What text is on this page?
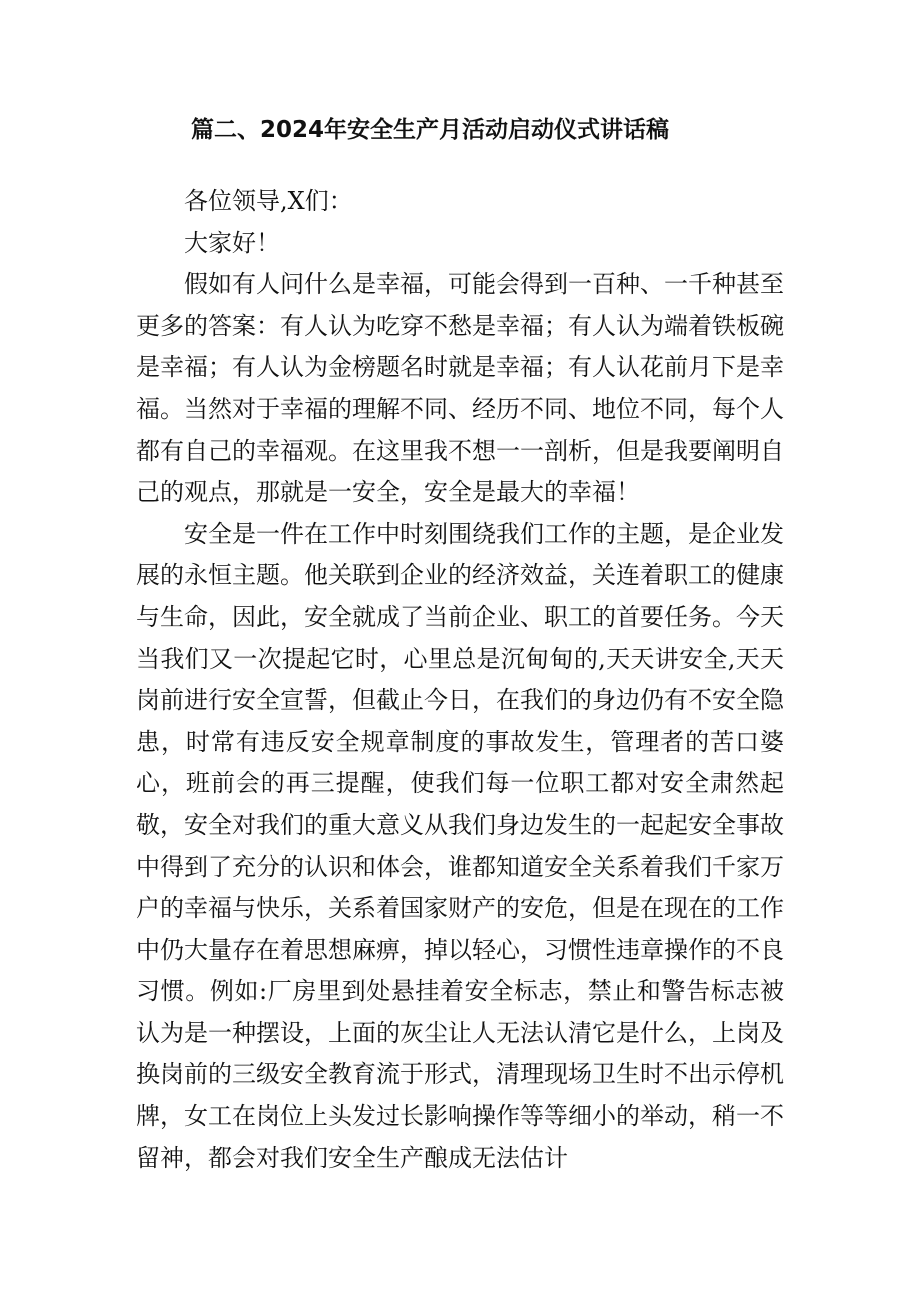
篇二、2024年安全生产月活动启动仪式讲话稿

各位领导,X们：

大家好！

假如有人问什么是幸福，可能会得到一百种、一千种甚至更多的答案：有人认为吃穿不愁是幸福；有人认为端着铁板碗是幸福；有人认为金榜题名时就是幸福；有人认花前月下是幸福。当然对于幸福的理解不同、经历不同、地位不同，每个人都有自己的幸福观。在这里我不想一一剖析，但是我要阐明自己的观点，那就是一安全，安全是最大的幸福！

安全是一件在工作中时刻围绕我们工作的主题，是企业发展的永恒主题。他关联到企业的经济效益，关连着职工的健康与生命，因此，安全就成了当前企业、职工的首要任务。今天当我们又一次提起它时，心里总是沉甸甸的,天天讲安全,天天岗前进行安全宣誓，但截止今日，在我们的身边仍有不安全隐患，时常有违反安全规章制度的事故发生，管理者的苦口婆心，班前会的再三提醒，使我们每一位职工都对安全肃然起敬，安全对我们的重大意义从我们身边发生的一起起安全事故中得到了充分的认识和体会，谁都知道安全关系着我们千家万户的幸福与快乐，关系着国家财产的安危，但是在现在的工作中仍大量存在着思想麻痹，掉以轻心，习惯性违章操作的不良习惯。例如:厂房里到处悬挂着安全标志，禁止和警告标志被认为是一种摆设，上面的灰尘让人无法认清它是什么，上岗及换岗前的三级安全教育流于形式，清理现场卫生时不出示停机牌，女工在岗位上头发过长影响操作等等细小的举动，稍一不留神，都会对我们安全生产酿成无法估计
